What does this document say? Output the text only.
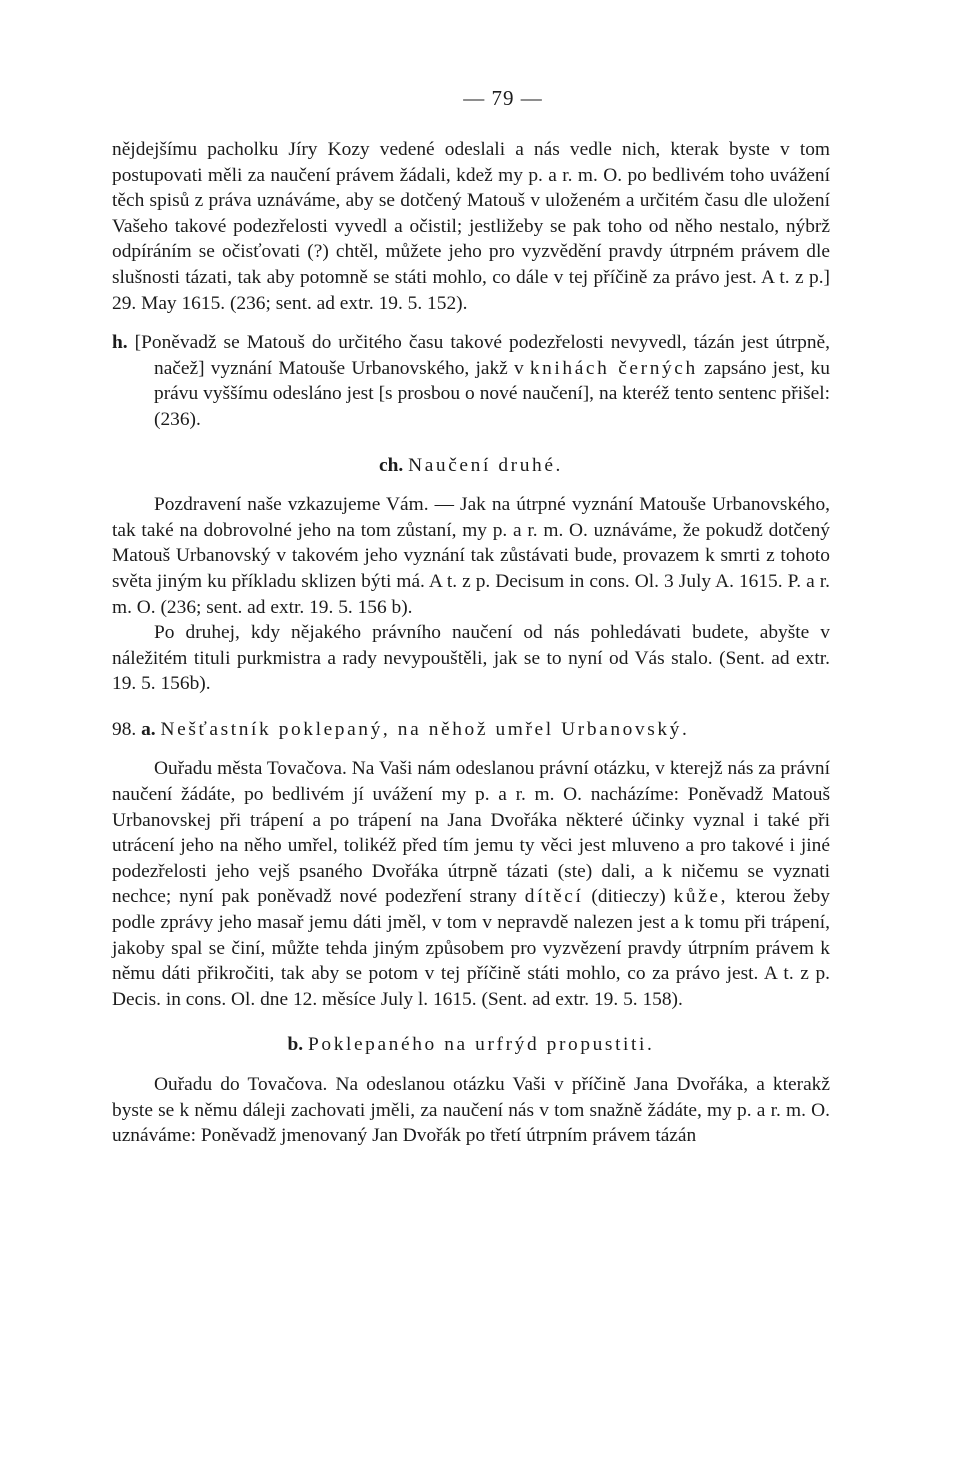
— 79 —

nějdejšímu pacholku Jíry Kozy vedené odeslali a nás vedle nich, kterak byste v tom postupovati měli za naučení právem žádali, kdež my p. a r. m. O. po bedlivém toho uvážení těch spisů z práva uznáváme, aby se dotčený Matouš v uloženém a určitém času dle uložení Vašeho takové podezřelosti vyvedl a očistil; jestližeby se pak toho od něho nestalo, nýbrž odpíráním se očisťovati (?) chtěl, můžete jeho pro vyzvědění pravdy útrpném právem dle slušnosti tázati, tak aby potomně se státi mohlo, co dále v tej příčině za právo jest. A t. z p.] 29. May 1615. (236; sent. ad extr. 19. 5. 152).

h. [Poněvadž se Matouš do určitého času takové podezřelosti nevyvedl, tázán jest útrpně, načež] vyznání Matouše Urbanovského, jakž v knihách černých zapsáno jest, ku právu vyššímu odesláno jest [s prosbou o nové naučení], na kteréž tento sentenc přišel: (236).

ch. Naučení druhé.

Pozdravení naše vzkazujeme Vám. — Jak na útrpné vyznání Matouše Urbanovského, tak také na dobrovolné jeho na tom zůstaní, my p. a r. m. O. uznáváme, že pokudž dotčený Matouš Urbanovský v takovém jeho vyznání tak zůstávati bude, provazem k smrti z tohoto světa jiným ku příkladu sklizen býti má. A t. z p. Decisum in cons. Ol. 3 July A. 1615. P. a r. m. O. (236; sent. ad extr. 19. 5. 156 b).

Po druhej, kdy nějakého právního naučení od nás pohledávati budete, abyšte v náležitém tituli purkmistra a rady nevypouštěli, jak se to nyní od Vás stalo. (Sent. ad extr. 19. 5. 156b).

98. a. Nešťastník poklepaný, na něhož umřel Urbanovský.

Ouřadu města Tovačova. Na Vaši nám odeslanou právní otázku, v kterejž nás za právní naučení žádáte, po bedlivém jí uvážení my p. a r. m. O. nacházíme: Poněvadž Matouš Urbanovskej při trápení a po trápení na Jana Dvořáka některé účinky vyznal i také při utrácení jeho na něho umřel, tolikéž před tím jemu ty věci jest mluveno a pro takové i jiné podezřelosti jeho vejš psaného Dvořáka útrpně tázati (ste) dali, a k ničemu se vyznati nechce; nyní pak poněvadž nové podezření strany dítěcí (ditieczy) kůže, kterou žeby podle zprávy jeho masař jemu dáti jměl, v tom v nepravdě nalezen jest a k tomu při trápení, jakoby spal se činí, můžte tehda jiným způsobem pro vyzvězení pravdy útrpním právem k němu dáti přikročiti, tak aby se potom v tej příčině státi mohlo, co za právo jest. A t. z p. Decis. in cons. Ol. dne 12. měsíce July l. 1615. (Sent. ad extr. 19. 5. 158).

b. Poklepaného na urfrýd propustiti.

Ouřadu do Tovačova. Na odeslanou otázku Vaši v příčině Jana Dvořáka, a kterakž byste se k němu dáleji zachovati jměli, za naučení nás v tom snažně žádáte, my p. a r. m. O. uznáváme: Poněvadž jmenovaný Jan Dvořák po třetí útrpním právem tázán
